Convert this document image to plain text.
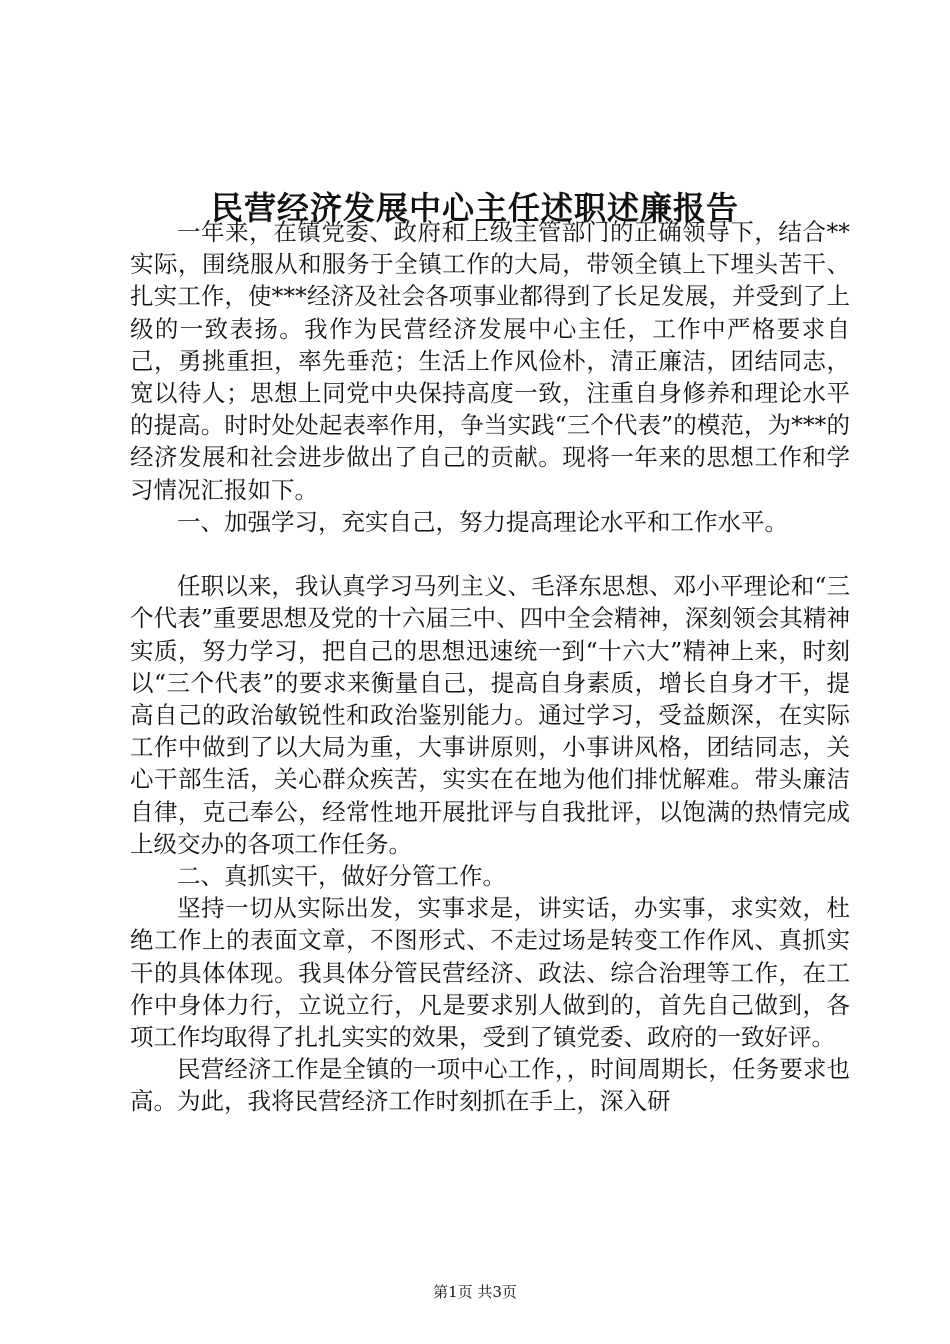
民营经济发展中心主任述职述廉报告

一年来，在镇党委、政府和上级主管部门的正确领导下，结合**实际，围绕服从和服务于全镇工作的大局，带领全镇上下埋头苦干、扎实工作，使***经济及社会各项事业都得到了长足发展，并受到了上级的一致表扬。我作为民营经济发展中心主任，工作中严格要求自己，勇挑重担，率先垂范；生活上作风俭朴，清正廉洁，团结同志，宽以待人；思想上同党中央保持高度一致，注重自身修养和理论水平的提高。时时处处起表率作用，争当实践“三个代表”的模范，为***的经济发展和社会进步做出了自己的贡献。现将一年来的思想工作和学习情况汇报如下。

一、加强学习，充实自己，努力提高理论水平和工作水平。

任职以来，我认真学习马列主义、毛泽东思想、邓小平理论和“三个代表”重要思想及党的十六届三中、四中全会精神，深刻领会其精神实质，努力学习，把自己的思想迅速统一到“十六大”精神上来，时刻以“三个代表”的要求来衡量自己，提高自身素质，增长自身才干，提高自己的政治敏锐性和政治鉴别能力。通过学习，受益颇深，在实际工作中做到了以大局为重，大事讲原则，小事讲风格，团结同志，关心干部生活，关心群众疾苦，实实在在地为他们排忧解难。带头廉洁自律，克己奉公，经常性地开展批评与自我批评，以饱满的热情完成上级交办的各项工作任务。

二、真抓实干，做好分管工作。

坚持一切从实际出发，实事求是，讲实话，办实事，求实效，杜绝工作上的表面文章，不图形式、不走过场是转变工作作风、真抓实干的具体体现。我具体分管民营经济、政法、综合治理等工作，在工作中身体力行，立说立行，凡是要求别人做到的，首先自己做到，各项工作均取得了扎扎实实的效果，受到了镇党委、政府的一致好评。

民营经济工作是全镇的一项中心工作，，时间周期长，任务要求也高。为此，我将民营经济工作时刻抓在手上，深入研

第1页 共3页
